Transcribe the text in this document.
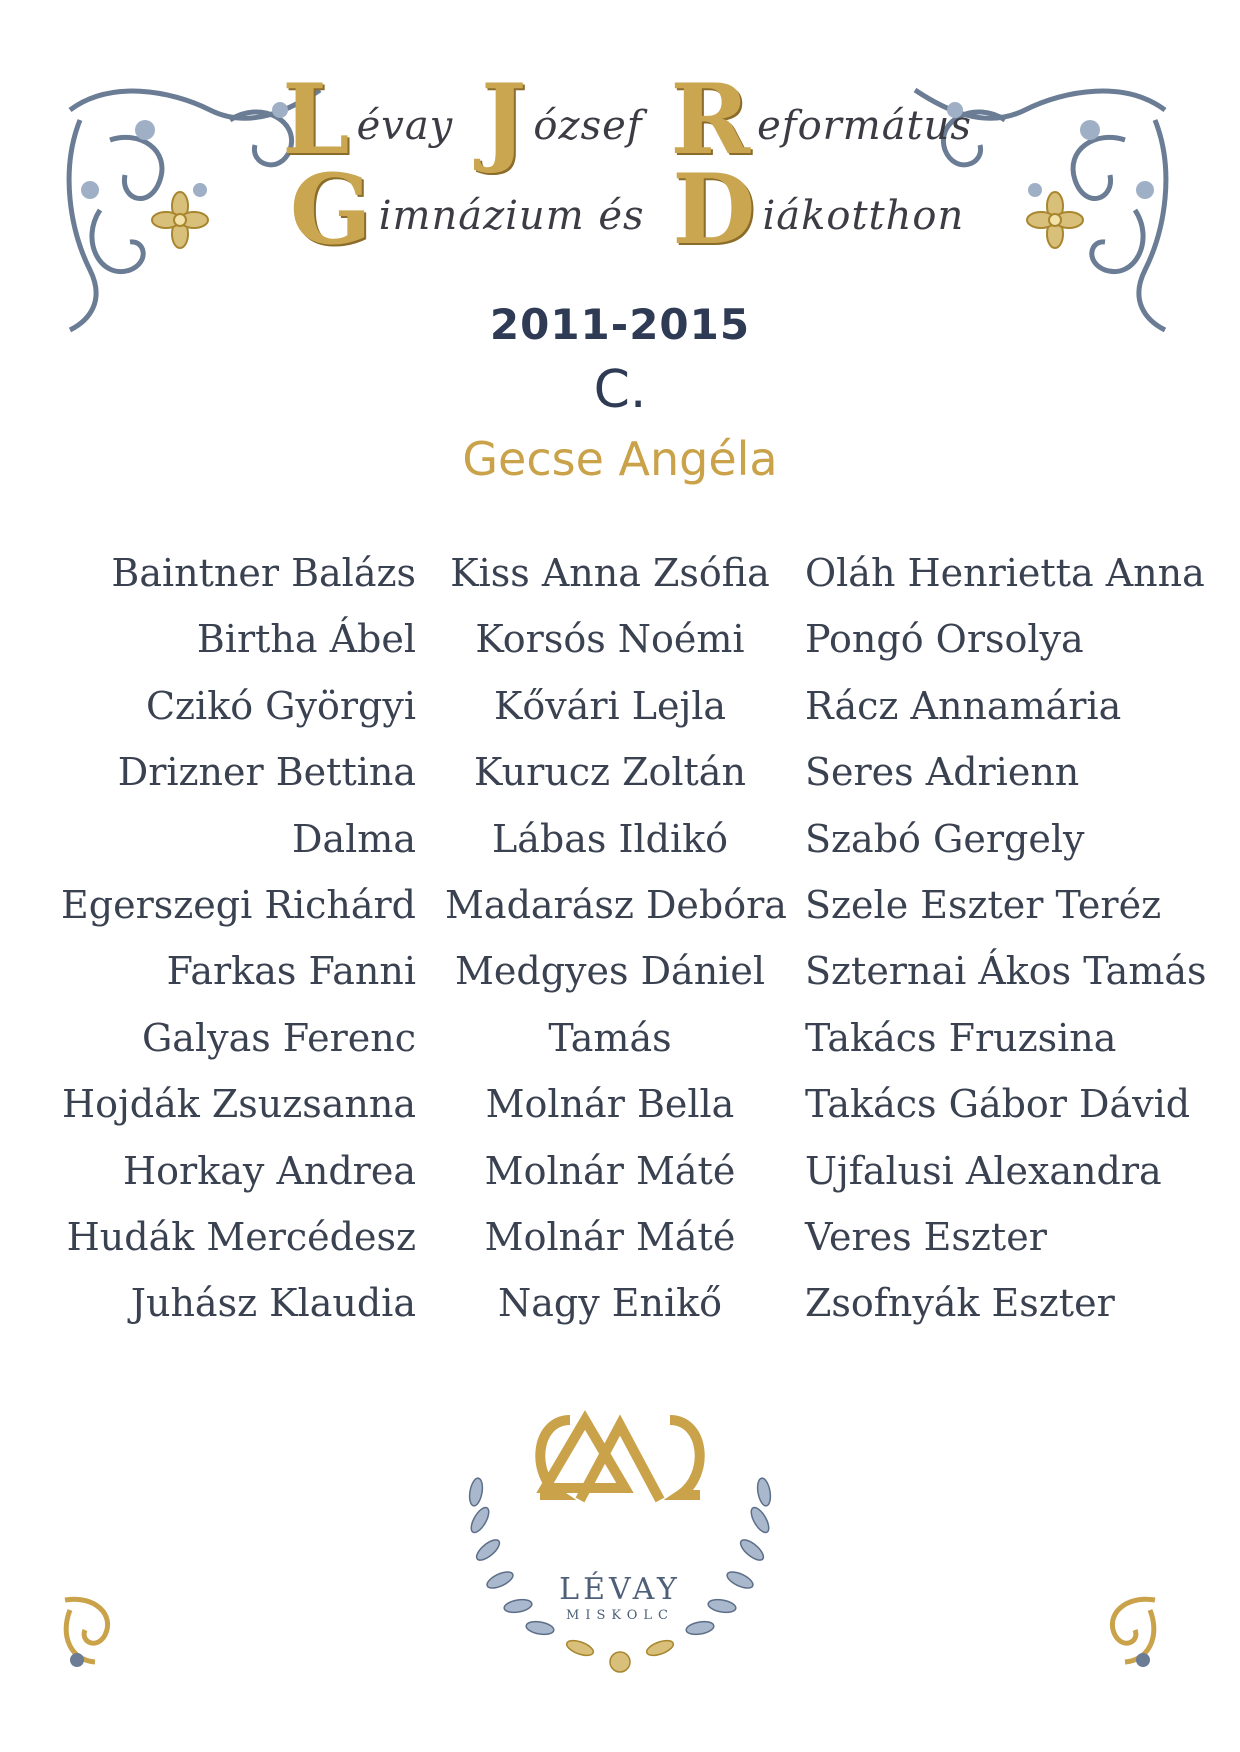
Lévay J ózsef R eformátus
Gimnázium és D iákotthon
2011-2015
C.
Gecse Angéla
Baintner Balázs
Birtha Ábel
Czikó Györgyi
Drizner Bettina
Dalma
Egerszegi Richárd
Farkas Fanni
Galyas Ferenc
Hojdák Zsuzsanna
Horkay Andrea
Hudák Mercédesz
Juhász Klaudia
Kiss Anna Zsófia
Korsós Noémi
Kővári Lejla
Kurucz Zoltán
Lábas Ildikó
Madarász Debóra
Medgyes Dániel
Tamás
Molnár Bella
Molnár Máté
Molnár Máté
Nagy Enikő
Oláh Henrietta Anna
Pongó Orsolya
Rácz Annamária
Seres Adrienn
Szabó Gergely
Szele Eszter Teréz
Szternai Ákos Tamás
Takács Fruzsina
Takács Gábor Dávid
Ujfalusi Alexandra
Veres Eszter
Zsofnyák Eszter
LÉVAY
MISKOLC
